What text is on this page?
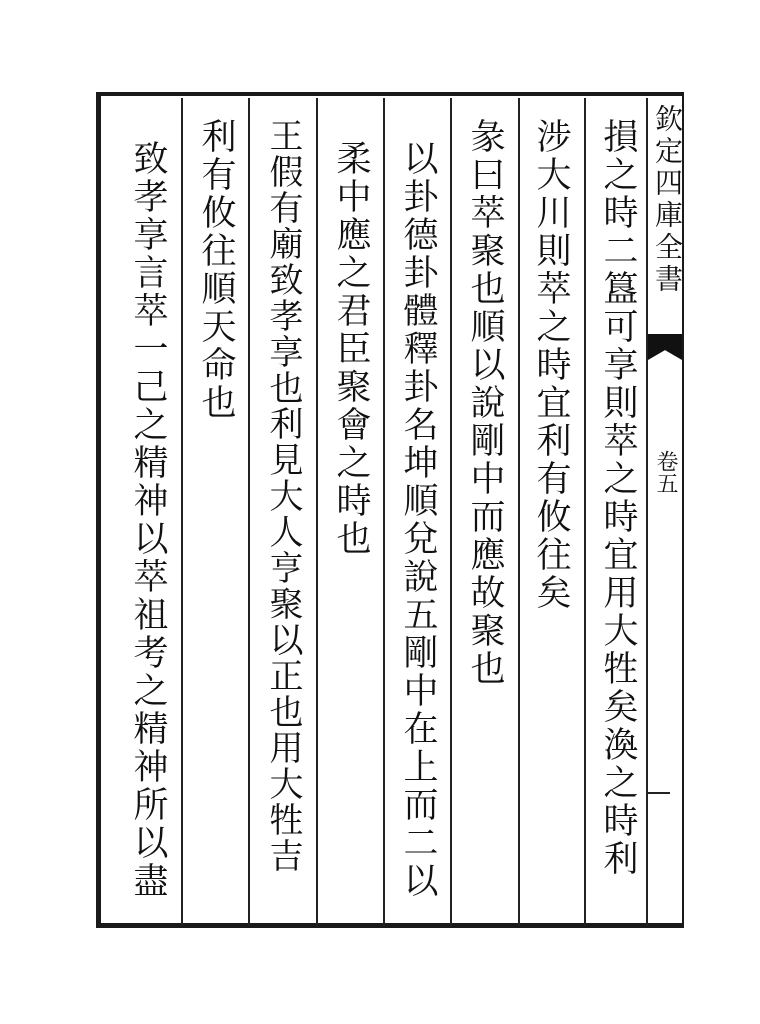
欽定四庫全書
卷五
損之時二簋可享則萃之時宜用大牲矣渙之時利
涉大川則萃之時宜利有攸往矣
彖曰萃聚也順以說剛中而應故聚也
以卦德卦體釋卦名坤順兌說五剛中在上而二以
柔中應之君臣聚會之時也
王假有廟致孝享也利見大人亨聚以正也用大牲吉
利有攸往順天命也
致孝享言萃一己之精神以萃祖考之精神所以盡
